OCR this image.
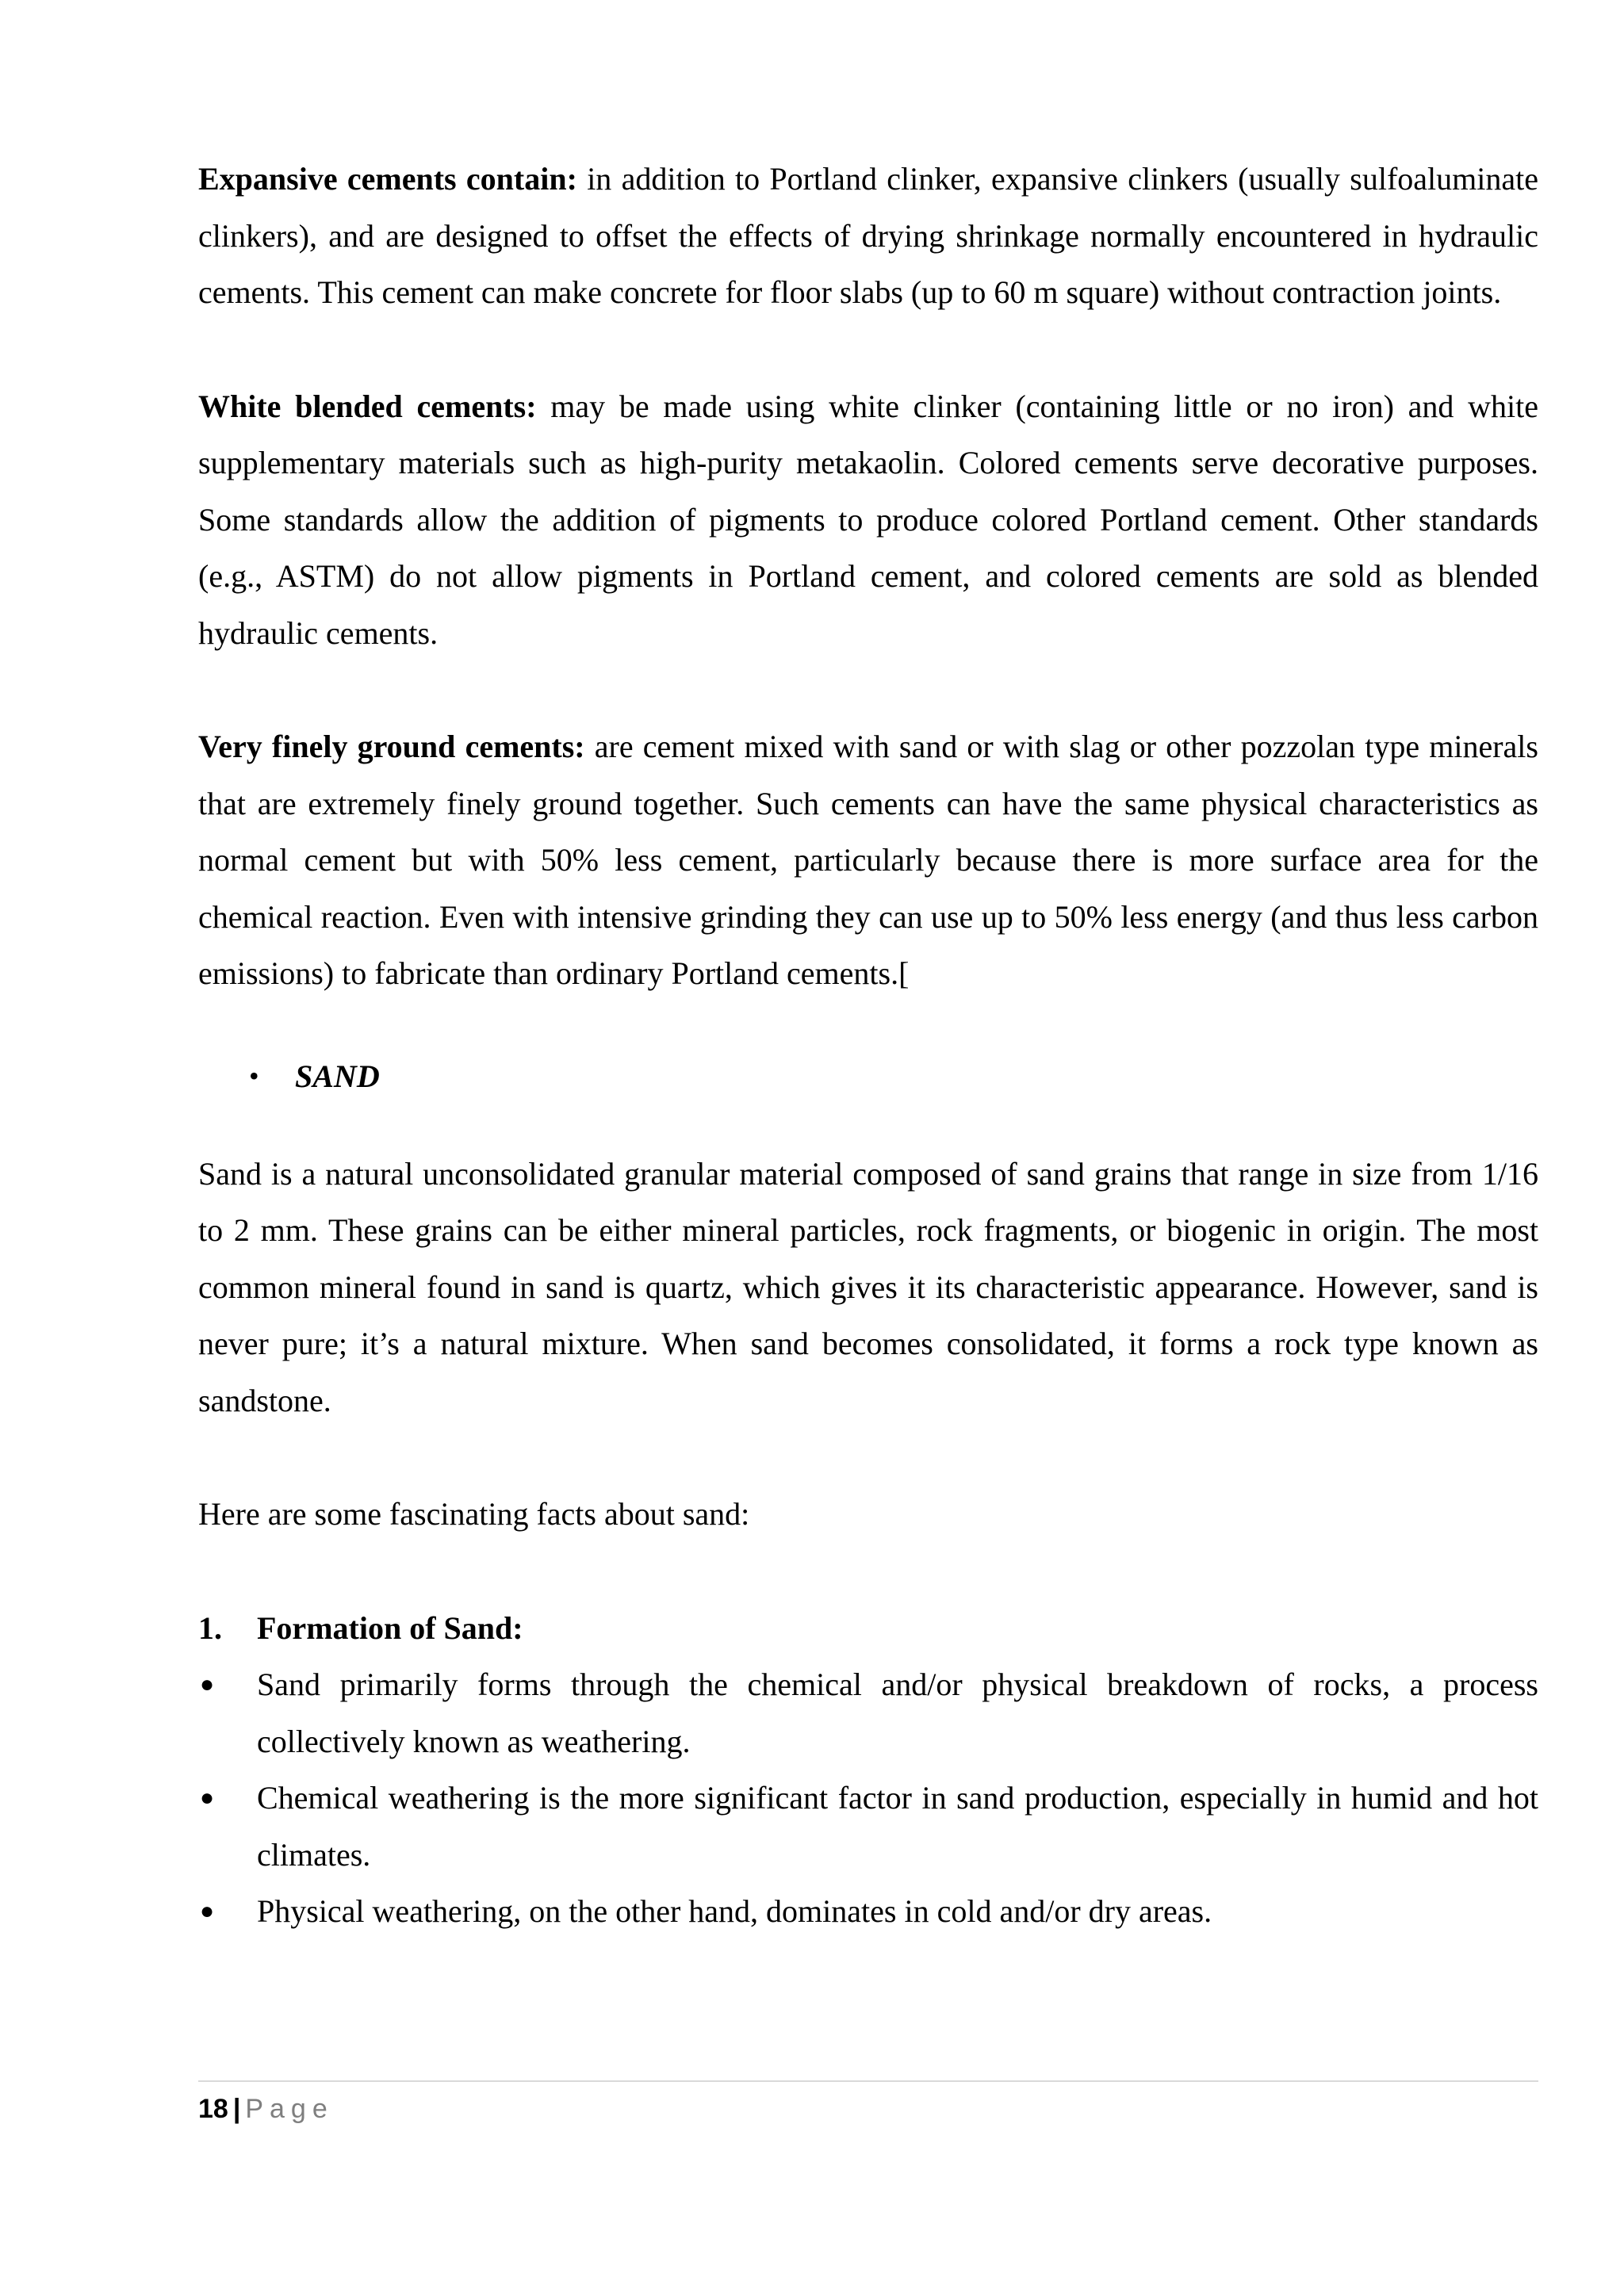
Expansive cements contain: in addition to Portland clinker, expansive clinkers (usually sulfoaluminate clinkers), and are designed to offset the effects of drying shrinkage normally encountered in hydraulic cements. This cement can make concrete for floor slabs (up to 60 m square) without contraction joints.

White blended cements: may be made using white clinker (containing little or no iron) and white supplementary materials such as high-purity metakaolin. Colored cements serve decorative purposes. Some standards allow the addition of pigments to produce colored Portland cement. Other standards (e.g., ASTM) do not allow pigments in Portland cement, and colored cements are sold as blended hydraulic cements.

Very finely ground cements: are cement mixed with sand or with slag or other pozzolan type minerals that are extremely finely ground together. Such cements can have the same physical characteristics as normal cement but with 50% less cement, particularly because there is more surface area for the chemical reaction. Even with intensive grinding they can use up to 50% less energy (and thus less carbon emissions) to fabricate than ordinary Portland cements.[

• SAND

Sand is a natural unconsolidated granular material composed of sand grains that range in size from 1/16 to 2 mm. These grains can be either mineral particles, rock fragments, or biogenic in origin. The most common mineral found in sand is quartz, which gives it its characteristic appearance. However, sand is never pure; it’s a natural mixture. When sand becomes consolidated, it forms a rock type known as sandstone.

Here are some fascinating facts about sand:

1. Formation of Sand:
● Sand primarily forms through the chemical and/or physical breakdown of rocks, a process collectively known as weathering.
● Chemical weathering is the more significant factor in sand production, especially in humid and hot climates.
● Physical weathering, on the other hand, dominates in cold and/or dry areas.
18 | Page
